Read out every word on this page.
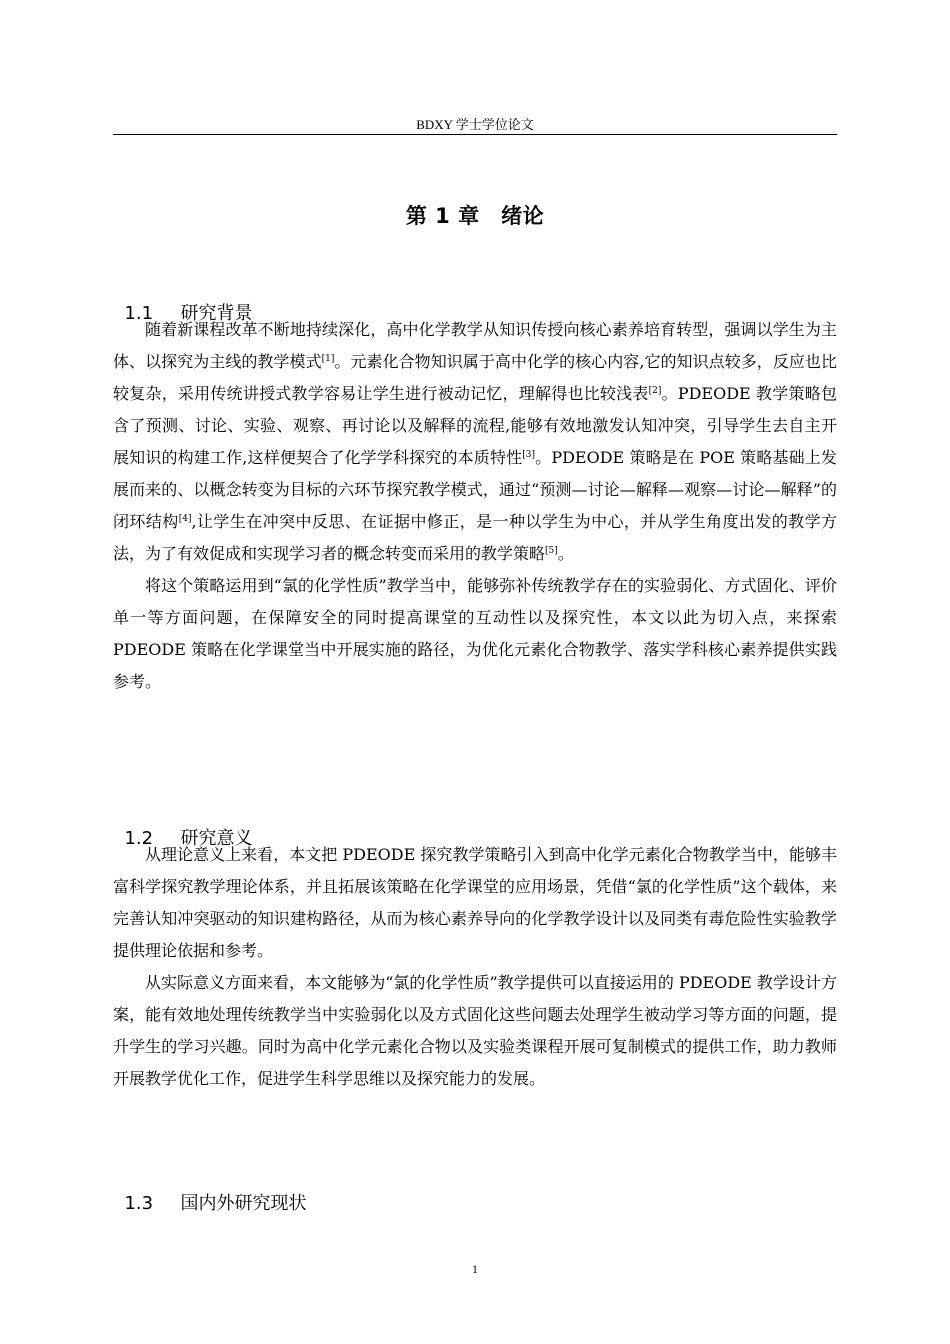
BDXY 学士学位论文
第 1 章　绪论

1.1 研究背景

随着新课程改革不断地持续深化，高中化学教学从知识传授向核心素养培育转型，强调以学生为主体、以探究为主线的教学模式[1]。元素化合物知识属于高中化学的核心内容,它的知识点较多，反应也比较复杂，采用传统讲授式教学容易让学生进行被动记忆，理解得也比较浅表[2]。PDEODE 教学策略包含了预测、讨论、实验、观察、再讨论以及解释的流程,能够有效地激发认知冲突，引导学生去自主开展知识的构建工作,这样便契合了化学学科探究的本质特性[3]。PDEODE 策略是在 POE 策略基础上发展而来的、以概念转变为目标的六环节探究教学模式，通过“预测—讨论—解释—观察—讨论—解释”的闭环结构[4],让学生在冲突中反思、在证据中修正，是一种以学生为中心，并从学生角度出发的教学方法，为了有效促成和实现学习者的概念转变而采用的教学策略[5]。

将这个策略运用到“氯的化学性质”教学当中，能够弥补传统教学存在的实验弱化、方式固化、评价单一等方面问题，在保障安全的同时提高课堂的互动性以及探究性，本文以此为切入点，来探索 PDEODE 策略在化学课堂当中开展实施的路径，为优化元素化合物教学、落实学科核心素养提供实践参考。

1.2 研究意义

从理论意义上来看，本文把 PDEODE 探究教学策略引入到高中化学元素化合物教学当中，能够丰富科学探究教学理论体系，并且拓展该策略在化学课堂的应用场景，凭借“氯的化学性质”这个载体，来完善认知冲突驱动的知识建构路径，从而为核心素养导向的化学教学设计以及同类有毒危险性实验教学提供理论依据和参考。

从实际意义方面来看，本文能够为“氯的化学性质”教学提供可以直接运用的 PDEODE 教学设计方案，能有效地处理传统教学当中实验弱化以及方式固化这些问题去处理学生被动学习等方面的问题，提升学生的学习兴趣。同时为高中化学元素化合物以及实验类课程开展可复制模式的提供工作，助力教师开展教学优化工作，促进学生科学思维以及探究能力的发展。

1.3 国内外研究现状

1
